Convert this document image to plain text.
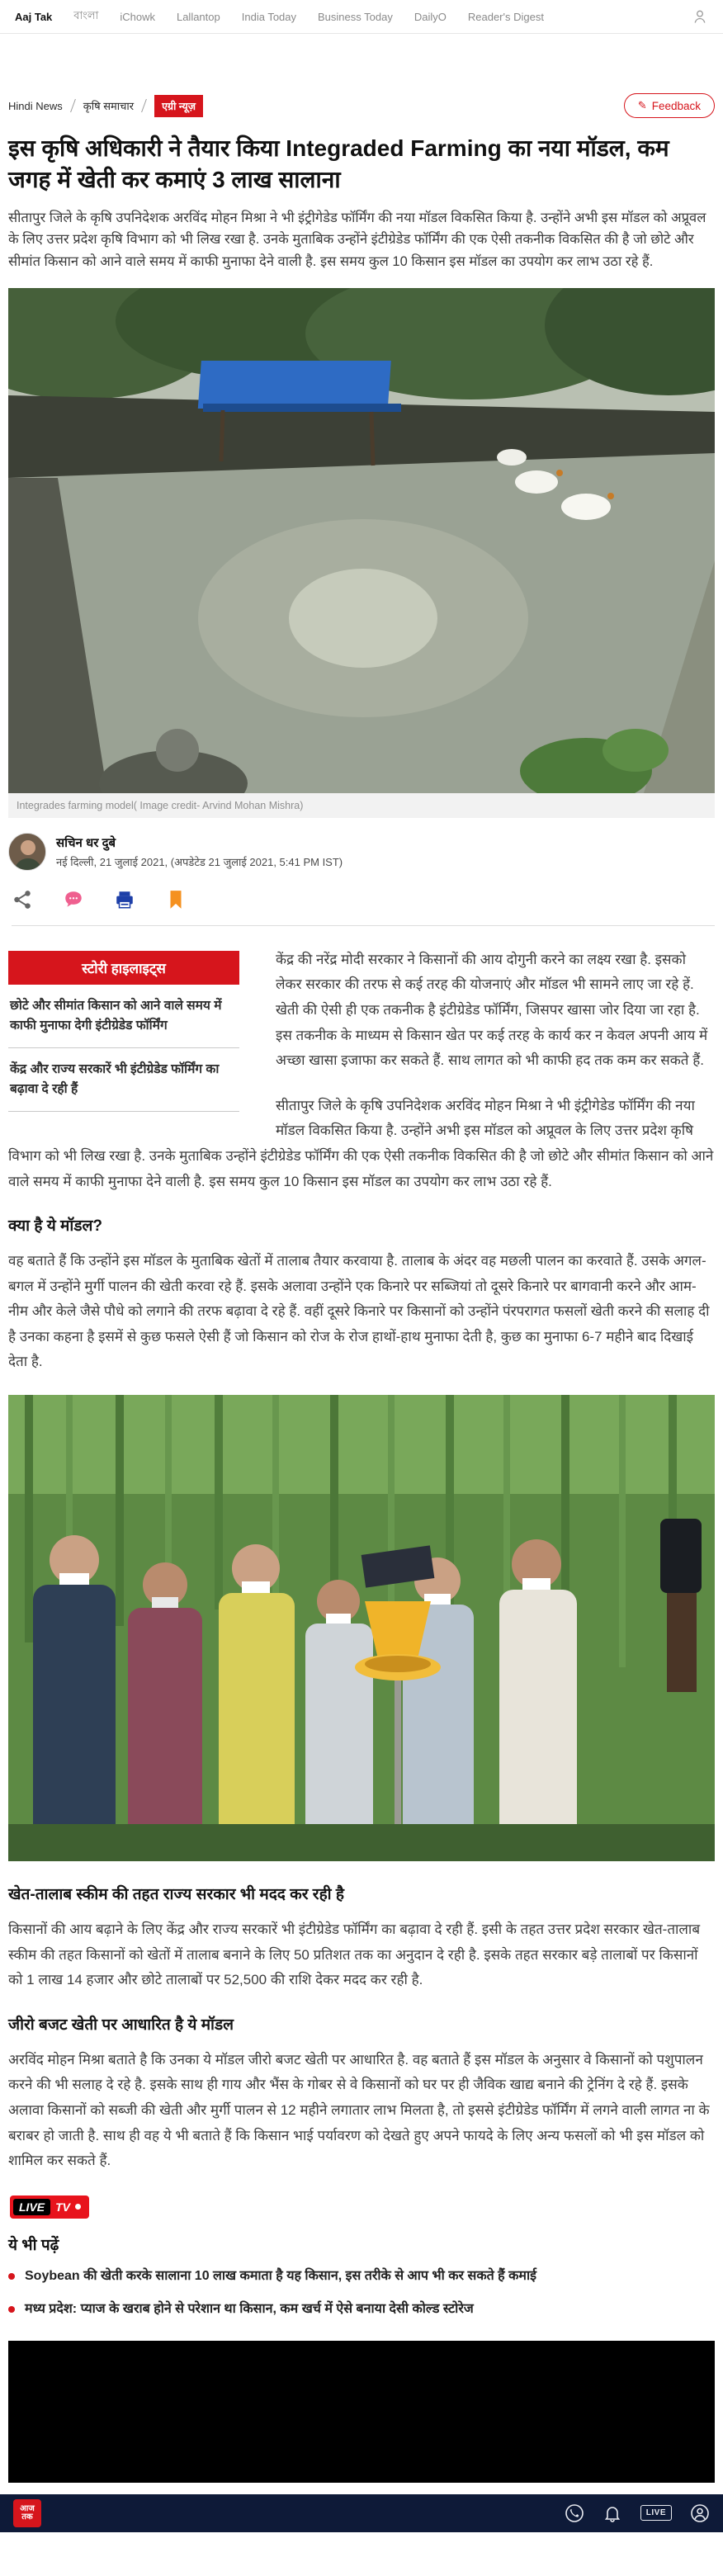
Aaj Tak বাংলা iChowk Lallantop India Today Business Today DailyO Reader's Digest
Hindi News कृषि समाचार	एग्री न्यूज़	✎ Feedback
इस कृषि अधिकारी ने तैयार किया Integraded Farming का नया मॉडल, कम जगह में खेती कर कमाएं 3 लाख सालाना

सीतापुर जिले के कृषि उपनिदेशक अरविंद मोहन मिश्रा ने भी इंट्रीगेडेड फॉर्मिंग की नया मॉडल विकसित किया है. उन्होंने अभी इस मॉडल को अप्रूवल के लिए उत्तर प्रदेश कृषि विभाग को भी लिख रखा है. उनके मुताबिक उन्होंने इंटीग्रेडेड फॉर्मिंग की एक ऐसी तकनीक विकसित की है जो छोटे और सीमांत किसान को आने वाले समय में काफी मुनाफा देने वाली है. इस समय कुल 10 किसान इस मॉडल का उपयोग कर लाभ उठा रहे हैं.

Integrades farming model( Image credit- Arvind Mohan Mishra)
सचिन धर दुबे
नई दिल्ली, 21 जुलाई 2021, (अपडेटेड 21 जुलाई 2021, 5:41 PM IST)
स्टोरी हाइलाइट्स
छोटे और सीमांत किसान को आने वाले समय में काफी मुनाफा देगी इंटीग्रेडेड फॉर्मिंग
केंद्र और राज्य सरकारें भी इंटीग्रेडेड फॉर्मिंग का बढ़ावा दे रही हैं

केंद्र की नरेंद्र मोदी सरकार ने किसानों की आय दोगुनी करने का लक्ष्य रखा है. इसको लेकर सरकार की तरफ से कई तरह की योजनाएं और मॉडल भी सामने लाए जा रहे हें. खेती की ऐसी ही एक तकनीक है इंटीग्रेडेड फॉर्मिंग, जिसपर खासा जोर दिया जा रहा है. इस तकनीक के माध्यम से किसान खेत पर कई तरह के कार्य कर न केवल अपनी आय में अच्छा खासा इजाफा कर सकते हैं. साथ लागत को भी काफी हद तक कम कर सकते हैं.

सीतापुर जिले के कृषि उपनिदेशक अरविंद मोहन मिश्रा ने भी इंट्रीगेडेड फॉर्मिंग की नया मॉडल विकसित किया है. उन्होंने अभी इस मॉडल को अप्रूवल के लिए उत्तर प्रदेश कृषि विभाग को भी लिख रखा है. उनके मुताबिक उन्होंने इंटीग्रेडेड फॉर्मिंग की एक ऐसी तकनीक विकसित की है जो छोटे और सीमांत किसान को आने वाले समय में काफी मुनाफा देने वाली है. इस समय कुल 10 किसान इस मॉडल का उपयोग कर लाभ उठा रहे हैं.

क्या है ये मॉडल?

वह बताते हैं कि उन्होंने इस मॉडल के मुताबिक खेतों में तालाब तैयार करवाया है. तालाब के अंदर वह मछली पालन का करवाते हैं. उसके अगल-बगल में उन्होंने मुर्गी पालन की खेती करवा रहे हैं. इसके अलावा उन्होंने एक किनारे पर सब्जियां तो दूसरे किनारे पर बागवानी करने और आम- नीम और केले जैसे पौधे को लगाने की तरफ बढ़ावा दे रहे हैं. वहीं दूसरे किनारे पर किसानों को उन्होंने पंरपरागत फसलों खेती करने की सलाह दी है उनका कहना है इसमें से कुछ फसले ऐसी हैं जो किसान को रोज के रोज हाथों-हाथ मुनाफा देती है, कुछ का मुनाफा 6-7 महीने बाद दिखाई देता है.

खेत-तालाब स्कीम की तहत राज्य सरकार भी मदद कर रही है

किसानों की आय बढ़ाने के लिए केंद्र और राज्य सरकारें भी इंटीग्रेडेड फॉर्मिंग का बढ़ावा दे रही हैं. इसी के तहत उत्तर प्रदेश सरकार खेत-तालाब स्कीम की तहत किसानों को खेतों में तालाब बनाने के लिए 50 प्रतिशत तक का अनुदान दे रही है. इसके तहत सरकार बड़े तालाबों पर किसानों को 1 लाख 14 हजार और छोटे तालाबों पर 52,500 की राशि देकर मदद कर रही है.

जीरो बजट खेती पर आधारित है ये मॉडल

अरविंद मोहन मिश्रा बताते है कि उनका ये मॉडल जीरो बजट खेती पर आधारित है. वह बताते हैं इस मॉडल के अनुसार वे किसानों को पशुपालन करने की भी सलाह दे रहे है. इसके साथ ही गाय और भैंस के गोबर से वे किसानों को घर पर ही जैविक खाद्य बनाने की ट्रेनिंग दे रहे हैं. इसके अलावा किसानों को सब्जी की खेती और मुर्गी पालन से 12 महीने लगातार लाभ मिलता है, तो इससे इंटीग्रेडेड फॉर्मिंग में लगने वाली लागत ना के बराबर हो जाती है. साथ ही वह ये भी बताते हैं कि किसान भाई पर्यावरण को देखते हुए अपने फायदे के लिए अन्य फसलों को भी इस मॉडल को शामिल कर सकते हैं.

LIVE TV
ये भी पढ़ें
Soybean की खेती करके सालाना 10 लाख कमाता है यह किसान, इस तरीके से आप भी कर सकते हैं कमाई
मध्य प्रदेश: प्याज के खराब होने से परेशान था किसान, कम खर्च में ऐसे बनाया देसी कोल्ड स्टोरेज
आज
तक	LIVE
